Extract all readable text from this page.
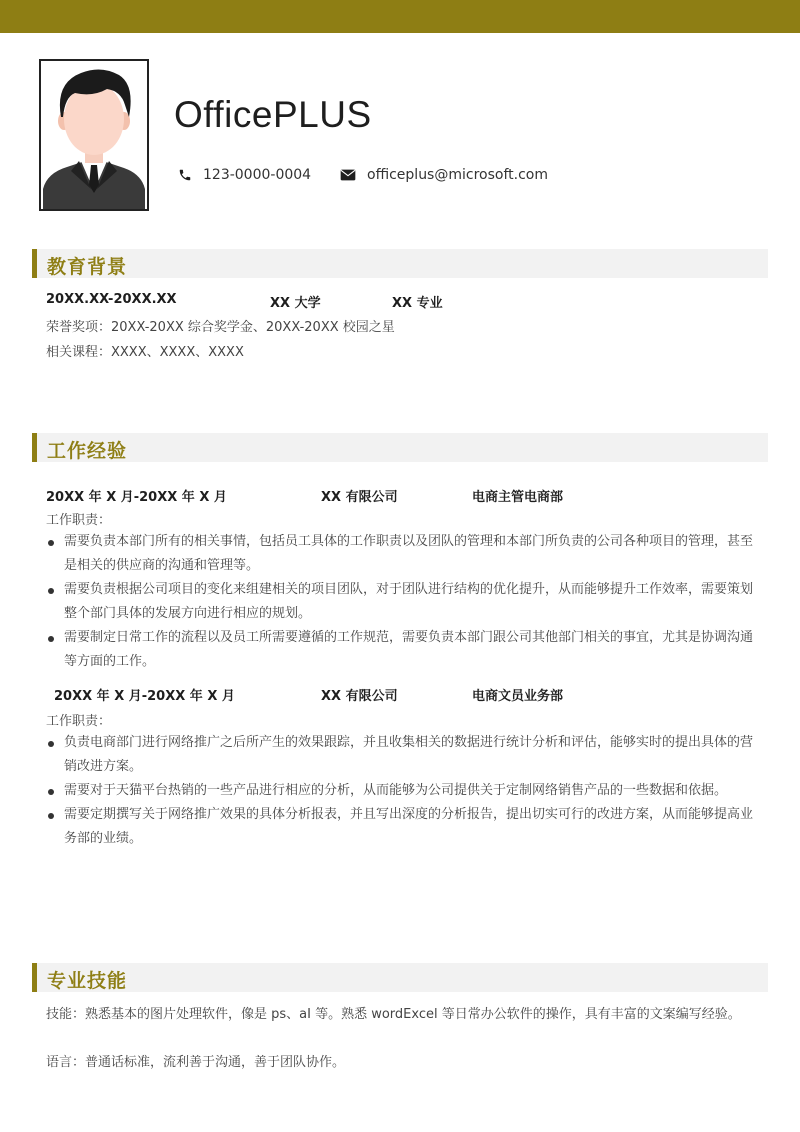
OfficePLUS
123-0000-0004	officeplus@microsoft.com
教育背景
20XX.XX-20XX.XX	XX 大学	XX 专业
荣誉奖项：20XX-20XX 综合奖学金、20XX-20XX 校园之星
相关课程：XXXX、XXXX、XXXX
工作经验
20XX 年 X 月-20XX 年 X 月	XX 有限公司	电商主管电商部
工作职责：
需要负责本部门所有的相关事情，包括员工具体的工作职责以及团队的管理和本部门所负责的公司各种项目的管理，甚至是相关的供应商的沟通和管理等。
需要负责根据公司项目的变化来组建相关的项目团队，对于团队进行结构的优化提升，从而能够提升工作效率，需要策划整个部门具体的发展方向进行相应的规划。
需要制定日常工作的流程以及员工所需要遵循的工作规范，需要负责本部门跟公司其他部门相关的事宜，尤其是协调沟通等方面的工作。
20XX 年 X 月-20XX 年 X 月	XX 有限公司	电商文员业务部
工作职责：
负责电商部门进行网络推广之后所产生的效果跟踪，并且收集相关的数据进行统计分析和评估，能够实时的提出具体的营销改进方案。
需要对于天猫平台热销的一些产品进行相应的分析，从而能够为公司提供关于定制网络销售产品的一些数据和依据。
需要定期撰写关于网络推广效果的具体分析报表，并且写出深度的分析报告，提出切实可行的改进方案，从而能够提高业务部的业绩。
专业技能
技能：熟悉基本的图片处理软件，像是 ps、aI 等。熟悉 wordExcel 等日常办公软件的操作，具有丰富的文案编写经验。
语言：普通话标准，流利善于沟通，善于团队协作。
